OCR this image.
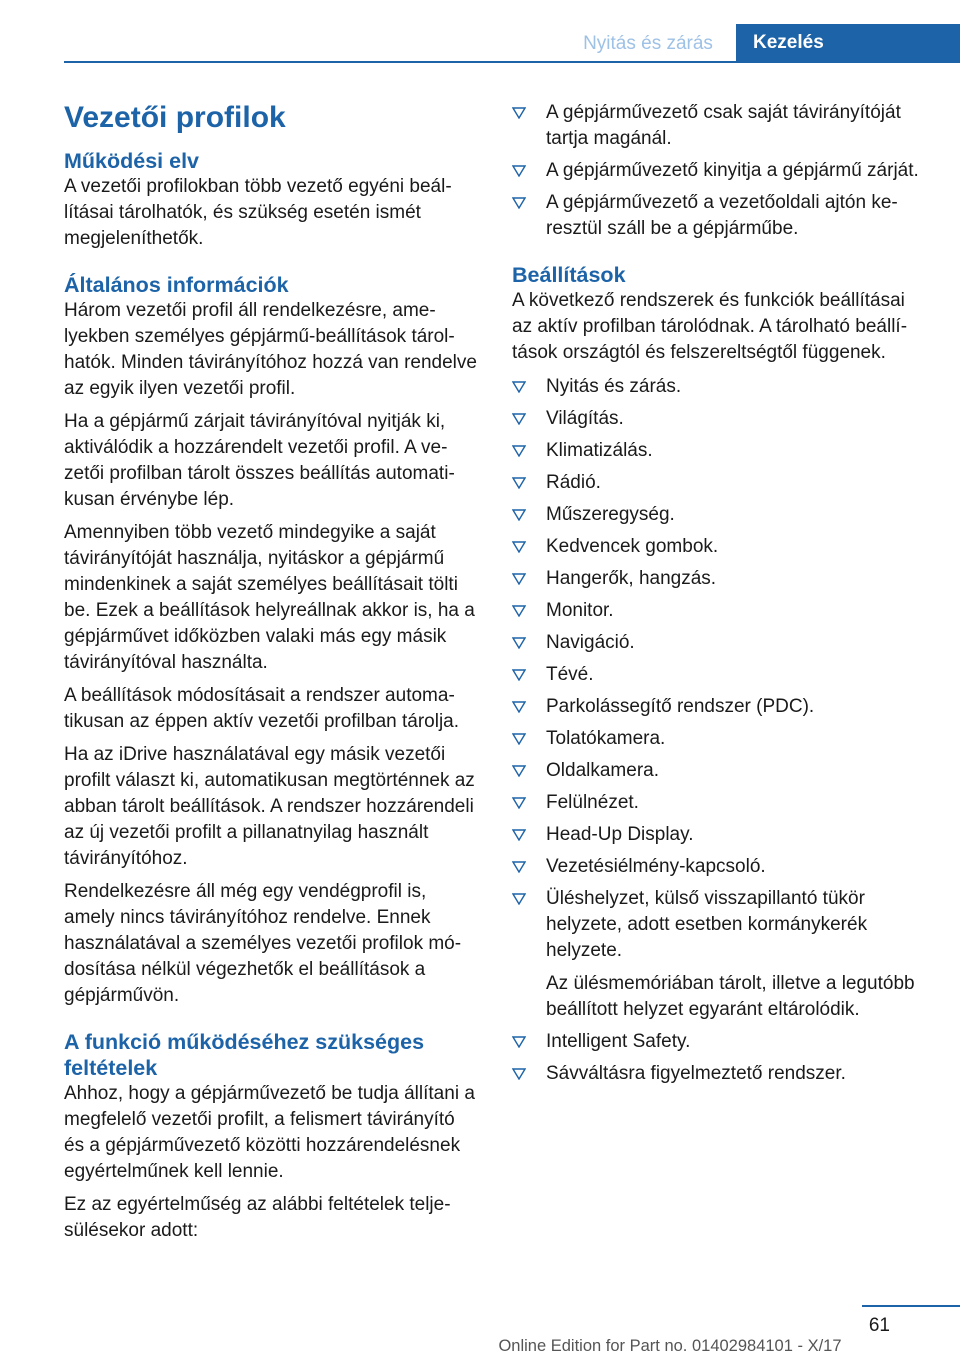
Nyitás és zárás	Kezelés
Vezetői profilok
Működési elv

A vezetői profilokban több vezető egyéni beállításai tárolhatók, és szükség esetén ismét megjeleníthetők.

Általános információk

Három vezetői profil áll rendelkezésre, amelyekben személyes gépjármű-beállítások tárolhatók. Minden távirányítóhoz hozzá van rendelve az egyik ilyen vezetői profil.

Ha a gépjármű zárjait távirányítóval nyitják ki, aktiválódik a hozzárendelt vezetői profil. A vezetői profilban tárolt összes beállítás automatikusan érvénybe lép.

Amennyiben több vezető mindegyike a saját távirányítóját használja, nyitáskor a gépjármű mindenkinek a saját személyes beállításait tölti be. Ezek a beállítások helyreállnak akkor is, ha a gépjárművet időközben valaki más egy másik távirányítóval használta.

A beállítások módosításait a rendszer automatikusan az éppen aktív vezetői profilban tárolja.

Ha az iDrive használatával egy másik vezetői profilt választ ki, automatikusan megtörténnek az abban tárolt beállítások. A rendszer hozzárendeli az új vezetői profilt a pillanatnyilag használt távirányítóhoz.

Rendelkezésre áll még egy vendégprofil is, amely nincs távirányítóhoz rendelve. Ennek használatával a személyes vezetői profilok módosítása nélkül végezhetők el beállítások a gépjárművön.

A funkció működéséhez szükséges feltételek

Ahhoz, hogy a gépjárművezető be tudja állítani a megfelelő vezetői profilt, a felismert távirányító és a gépjárművezető közötti hozzárendelésnek egyértelműnek kell lennie.

Ez az egyértelműség az alábbi feltételek teljesülésekor adott:

A gépjárművezető csak saját távirányítóját tartja magánál.
A gépjárművezető kinyitja a gépjármű zárját.
A gépjárművezető a vezetőoldali ajtón keresztül száll be a gépjárműbe.
Beállítások

A következő rendszerek és funkciók beállításai az aktív profilban tárolódnak. A tárolható beállítások országtól és felszereltségtől függenek.

Nyitás és zárás.
Világítás.
Klimatizálás.
Rádió.
Műszeregység.
Kedvencek gombok.
Hangerők, hangzás.
Monitor.
Navigáció.
Tévé.
Parkolássegítő rendszer (PDC).
Tolatókamera.
Oldalkamera.
Felülnézet.
Head-Up Display.
Vezetésiélmény-kapcsoló.
Üléshelyzet, külső visszapillantó tükör helyzete, adott esetben kormánykerék helyzete.
Az ülésmemóriában tárolt, illetve a legutóbb beállított helyzet egyaránt eltárolódik.
Intelligent Safety.
Sávváltásra figyelmeztető rendszer.
61
Online Edition for Part no. 01402984101 - X/17
